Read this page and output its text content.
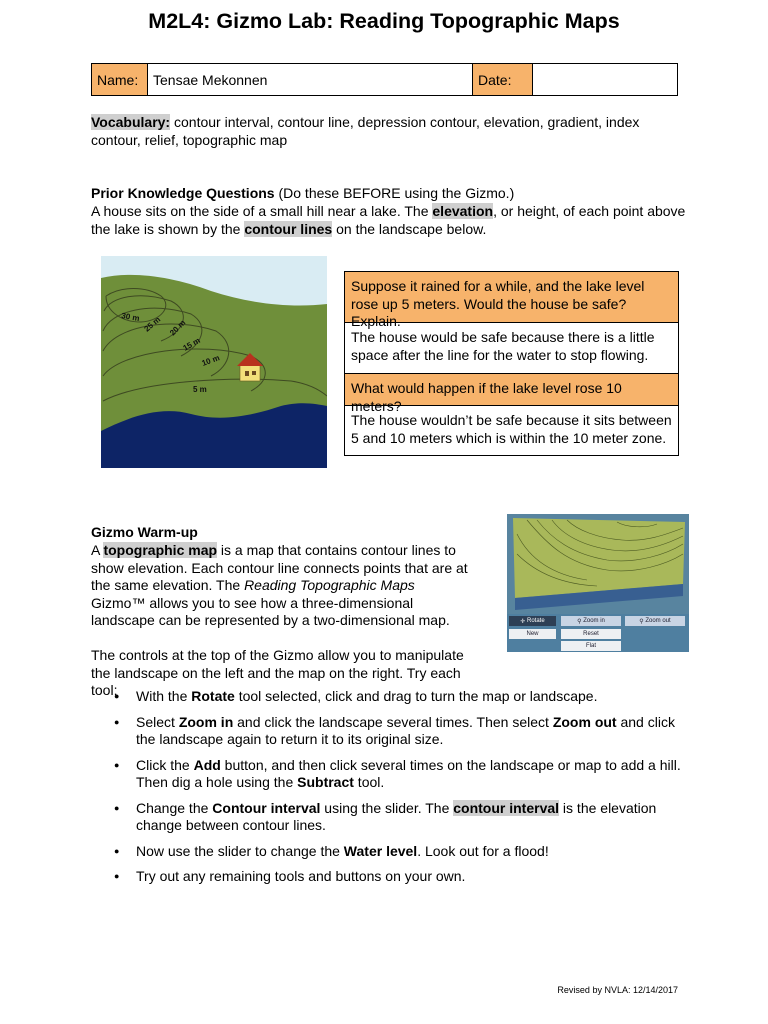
M2L4: Gizmo Lab: Reading Topographic Maps
Name:	Tensae Mekonnen	Date:

Vocabulary: contour interval, contour line, depression contour, elevation, gradient, index contour, relief, topographic map

Prior Knowledge Questions (Do these BEFORE using the Gizmo.)

A house sits on the side of a small hill near a lake. The elevation, or height, of each point above the lake is shown by the contour lines on the landscape below.

30 m 25 m 20 m
15 m
10 m
5 m
Suppose it rained for a while, and the lake level rose up 5 meters. Would the house be safe? Explain.
The house would be safe because there is a little space after the line for the water to stop flowing.
What would happen if the lake level rose 10 meters?
The house wouldn’t be safe because it sits between 5 and 10 meters which is within the 10 meter zone.

Gizmo Warm-up

A topographic map is a map that contains contour lines to show elevation. Each contour line connects points that are at the same elevation. The Reading Topographic Maps Gizmo™ allows you to see how a three-dimensional landscape can be represented by a two-dimensional map.

The controls at the top of the Gizmo allow you to manipulate the landscape on the left and the map on the right. Try each tool:

✛ Rotate	⚲ Zoom in	⚲ Zoom out
New	Reset
Flat
● With the Rotate tool selected, click and drag to turn the map or landscape.
● Select Zoom in and click the landscape several times. Then select Zoom out and click the landscape again to return it to its original size.
● Click the Add button, and then click several times on the landscape or map to add a hill. Then dig a hole using the Subtract tool.
● Change the Contour interval using the slider. The contour interval is the elevation change between contour lines.
● Now use the slider to change the Water level. Look out for a flood!
● Try out any remaining tools and buttons on your own.
Revised by NVLA: 12/14/2017
